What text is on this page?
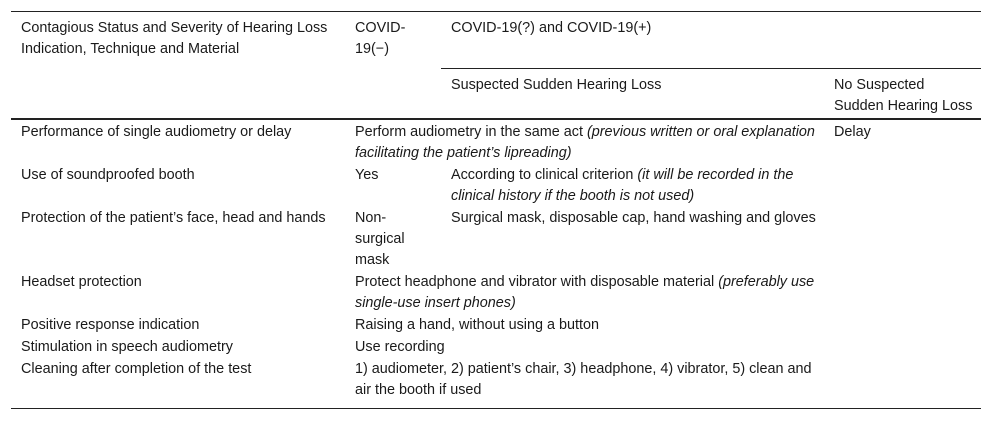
Contagious Status and Severity of Hearing Loss Indication, Technique and Material	COVID-19(−)	COVID-19(?) and COVID-19(+)	
		Suspected Sudden Hearing Loss	No Suspected Sudden Hearing Loss
Performance of single audiometry or delay	Perform audiometry in the same act (previous written or oral explanation facilitating the patient’s lipreading)		Delay
Use of soundproofed booth	Yes	According to clinical criterion (it will be recorded in the clinical history if the booth is not used)	
Protection of the patient’s face, head and hands	Non-surgical mask	Surgical mask, disposable cap, hand washing and gloves	
Headset protection	Protect headphone and vibrator with disposable material (preferably use single-use insert phones)		
Positive response indication	Raising a hand, without using a button		
Stimulation in speech audiometry	Use recording		
Cleaning after completion of the test	1) audiometer, 2) patient’s chair, 3) headphone, 4) vibrator, 5) clean and air the booth if used		
